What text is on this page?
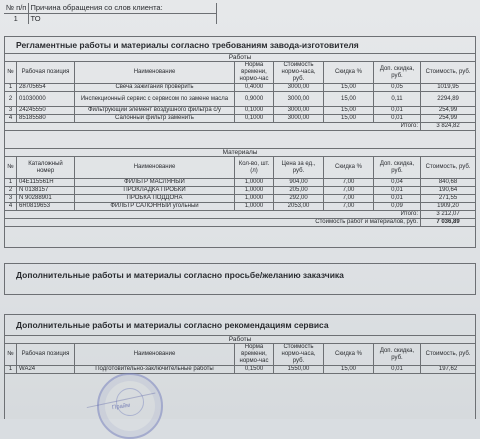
№ п/п	Причина обращения со слов клиента:	
1	ТО	
Регламентные работы и материалы согласно требованиям завода-изготовителя
Работы							
№	Рабочая позиция	Наименование	Норма времени, нормо-час	Стоимость нормо-часа, руб.	Скидка %	Доп. скидка, руб.	Стоимость, руб.
1	28705654	Свеча зажигания проверить	0,4000	3000,00	15,00	0,05	1019,95
2	01030000	Инспекционный сервис с сервисом по замене масла	0,9000	3000,00	15,00	0,11	2294,89
3	24245550	Фильтрующий элемент воздушного фильтра с/у	0,1000	3000,00	15,00	0,01	254,99
4	85185580	Салонный фильтр заменить	0,1000	3000,00	15,00	0,01	254,99
Итого:							3 824,82
Материалы							
№	Каталожный номер	Наименование	Кол-во, шт. (л)	Цена за ед., руб.	Скидка %	Доп. скидка, руб.	Стоимость, руб.
1	04E115561H	ФИЛЬТР МАСЛЯНЫЙ	1,0000	904,00	7,00	0,04	840,68
2	N 0138157	ПРОКЛАДКА ПРОБКИ	1,0000	205,00	7,00	0,01	190,64
3	N 90288901	ПРОБКА ПОДДОНА	1,0000	292,00	7,00	0,01	271,55
4	6R0819653	ФИЛЬТР САЛОННЫЙ угольный	1,0000	2053,00	7,00	0,09	1909,20
Итого:							3 212,07
Стоимость работ и материалов, руб.							7 036,89
Дополнительные работы и материалы согласно просьбе/желанию заказчика
Дополнительные работы и материалы согласно рекомендациям сервиса
Работы							
№	Рабочая позиция	Наименование	Норма времени, нормо-час	Стоимость нормо-часа, руб.	Скидка %	Доп. скидка, руб.	Стоимость, руб.
1	WA24	Подготовительно-заключительные работы	0,1500	1550,00	15,00	0,01	197,62
Прайм
